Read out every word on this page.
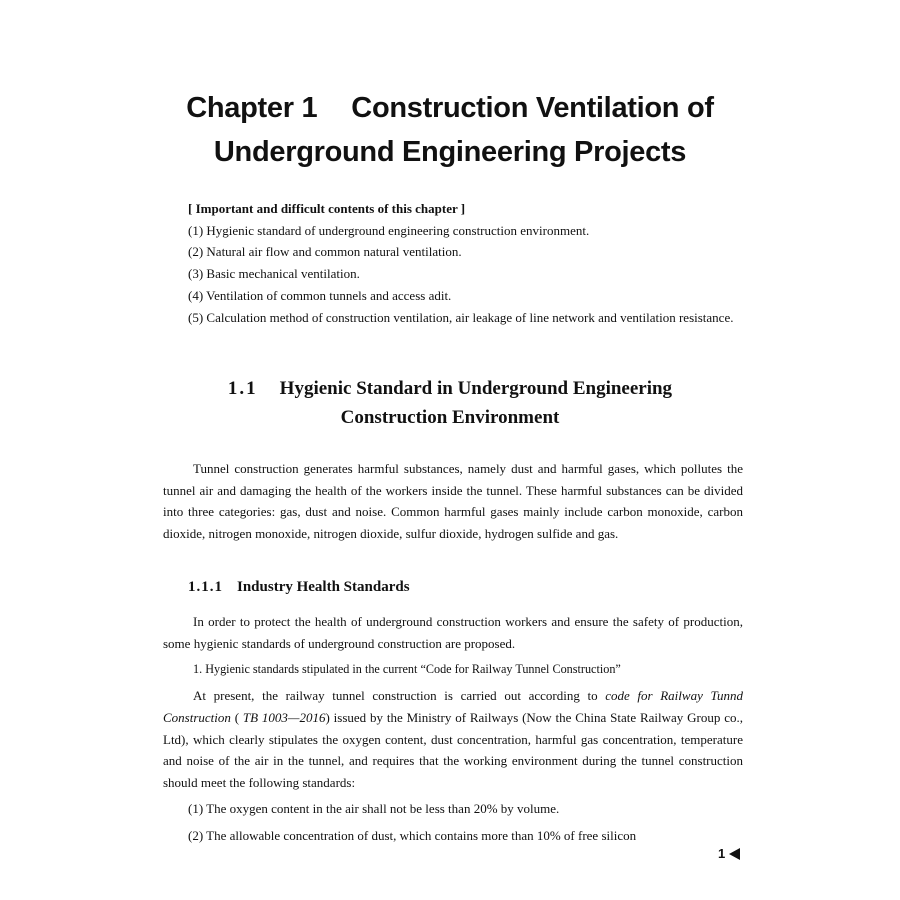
Chapter 1 Construction Ventilation of
Underground Engineering Projects
[ Important and difficult contents of this chapter ]
(1) Hygienic standard of underground engineering construction environment.
(2) Natural air flow and common natural ventilation.
(3) Basic mechanical ventilation.
(4) Ventilation of common tunnels and access adit.
(5) Calculation method of construction ventilation, air leakage of line network and ventilation resistance.
1.1 Hygienic Standard in Underground Engineering
Construction Environment

Tunnel construction generates harmful substances, namely dust and harmful gases, which pollutes the tunnel air and damaging the health of the workers inside the tunnel. These harmful substances can be divided into three categories: gas, dust and noise. Common harmful gases mainly include carbon monoxide, carbon dioxide, nitrogen monoxide, nitrogen dioxide, sulfur dioxide, hydrogen sulfide and gas.

1.1.1 Industry Health Standards

In order to protect the health of underground construction workers and ensure the safety of production, some hygienic standards of underground construction are proposed.

1. Hygienic standards stipulated in the current “Code for Railway Tunnel Construction”

At present, the railway tunnel construction is carried out according to code for Railway Tunnd Construction ( TB 1003—2016) issued by the Ministry of Railways (Now the China State Railway Group co., Ltd), which clearly stipulates the oxygen content, dust concentration, harmful gas concentration, temperature and noise of the air in the tunnel, and requires that the working environment during the tunnel construction should meet the following standards:

(1) The oxygen content in the air shall not be less than 20% by volume.

(2) The allowable concentration of dust, which contains more than 10% of free silicon

1
